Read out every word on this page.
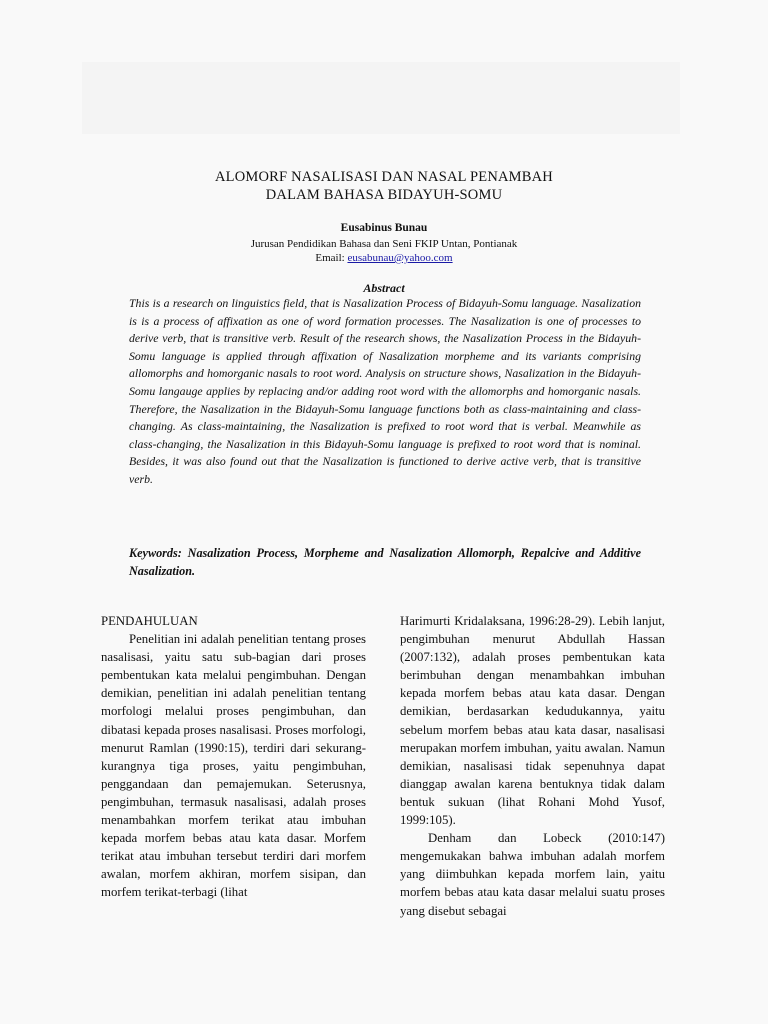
ALOMORF NASALISASI DAN NASAL PENAMBAH
DALAM BAHASA BIDAYUH-SOMU
Eusabinus Bunau
Jurusan Pendidikan Bahasa dan Seni FKIP Untan, Pontianak
Email: eusabunau@yahoo.com
Abstract
This is a research on linguistics field, that is Nasalization Process of Bidayuh-Somu language. Nasalization is is a process of affixation as one of word formation processes. The Nasalization is one of processes to derive verb, that is transitive verb. Result of the research shows, the Nasalization Process in the Bidayuh-Somu language is applied through affixation of Nasalization morpheme and its variants comprising allomorphs and homorganic nasals to root word. Analysis on structure shows, Nasalization in the Bidayuh-Somu langauge applies by replacing and/or adding root word with the allomorphs and homorganic nasals. Therefore, the Nasalization in the Bidayuh-Somu language functions both as class-maintaining and class-changing. As class-maintaining, the Nasalization is prefixed to root word that is verbal. Meanwhile as class-changing, the Nasalization in this Bidayuh-Somu language is prefixed to root word that is nominal. Besides, it was also found out that the Nasalization is functioned to derive active verb, that is transitive verb.
Keywords: Nasalization Process, Morpheme and Nasalization Allomorph, Repalcive and Additive Nasalization.
PENDAHULUAN

Penelitian ini adalah penelitian tentang proses nasalisasi, yaitu satu sub-bagian dari proses pembentukan kata melalui pengimbuhan. Dengan demikian, penelitian ini adalah penelitian tentang morfologi melalui proses pengimbuhan, dan dibatasi kepada proses nasalisasi. Proses morfologi, menurut Ramlan (1990:15), terdiri dari sekurang-kurangnya tiga proses, yaitu pengimbuhan, penggandaan dan pemajemukan. Seterusnya, pengimbuhan, termasuk nasalisasi, adalah proses menambahkan morfem terikat atau imbuhan kepada morfem bebas atau kata dasar. Morfem terikat atau imbuhan tersebut terdiri dari morfem awalan, morfem akhiran, morfem sisipan, dan morfem terikat-terbagi (lihat

Harimurti Kridalaksana, 1996:28-29). Lebih lanjut, pengimbuhan menurut Abdullah Hassan (2007:132), adalah proses pembentukan kata berimbuhan dengan menambahkan imbuhan kepada morfem bebas atau kata dasar. Dengan demikian, berdasarkan kedudukannya, yaitu sebelum morfem bebas atau kata dasar, nasalisasi merupakan morfem imbuhan, yaitu awalan. Namun demikian, nasalisasi tidak sepenuhnya dapat dianggap awalan karena bentuknya tidak dalam bentuk sukuan (lihat Rohani Mohd Yusof, 1999:105).

Denham dan Lobeck (2010:147) mengemukakan bahwa imbuhan adalah morfem yang diimbuhkan kepada morfem lain, yaitu morfem bebas atau kata dasar melalui suatu proses yang disebut sebagai
